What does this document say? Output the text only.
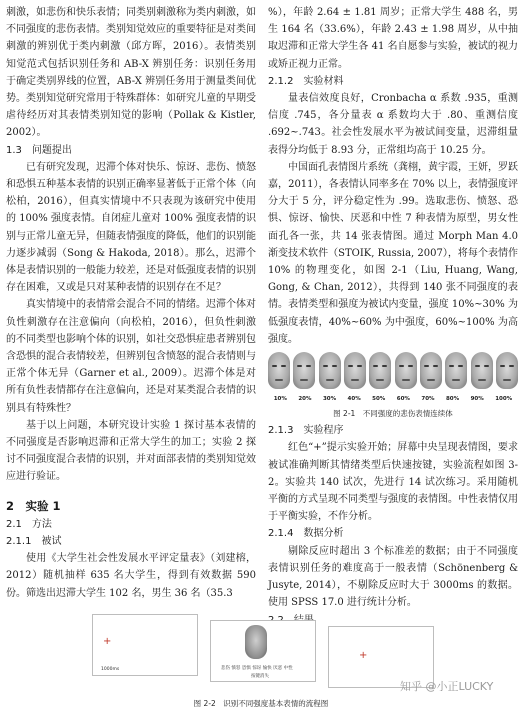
刺激，如悲伤和快乐表情；同类别刺激称为类内刺激，如不同强度的悲伤表情。类别知觉效应的重要特征是对类间刺激的辨别优于类内刺激（邱方晖，2016）。表情类别知觉范式包括识别任务和 AB-X 辨别任务：识别任务用于确定类别界线的位置，AB-X 辨别任务用于测量类间优势。类别知觉研究常用于特殊群体：如研究儿童的早期受虐待经历对其表情类别知觉的影响（Pollak & Kistler, 2002）。

1.3　问题提出

已有研究发现，迟滞个体对快乐、惊讶、悲伤、愤怒和恐惧五种基本表情的识别正确率显著低于正常个体（向松柏，2016），但真实情境中不只表现为该研究中使用的 100% 强度表情。自闭症儿童对 100% 强度表情的识别与正常儿童无异，但随表情强度的降低，他们的识别能力逐步减弱（Song & Hakoda, 2018）。那么，迟滞个体是表情识别的一般能力较差，还是对低强度表情的识别存在困难，又或是只对某种表情的识别存在不足？

真实情境中的表情常会混合不同的情绪。迟滞个体对负性刺激存在注意偏向（向松柏，2016），但负性刺激的不同类型也影响个体的识别，如社交恐惧症患者辨别包含恐惧的混合表情较差，但辨别包含愤怒的混合表情则与正常个体无异（Garner et al., 2009）。迟滞个体是对所有负性表情都存在注意偏向，还是对某类混合表情的识别具有特殊性？

基于以上问题，本研究设计实验 1 探讨基本表情的不同强度是否影响迟滞和正常大学生的加工；实验 2 探讨不同强度混合表情的识别，并对面部表情的类别知觉效应进行验证。

2　实验 1

2.1　方法

2.1.1　被试

使用《大学生社会性发展水平评定量表》（刘建榕，2012）随机抽样 635 名大学生，得到有效数据 590 份。筛选出迟滞大学生 102 名，男生 36 名（35.3

%），年龄 2.64 ± 1.81 周岁；正常大学生 488 名，男生 164 名（33.6%），年龄 2.43 ± 1.98 周岁，从中抽取迟滞和正常大学生各 41 名自愿参与实验，被试的视力或矫正视力正常。

2.1.2　实验材料

量表信效度良好，Cronbacha α 系数 .935，重测信度 .745，各分量表 α 系数均大于 .80、重测信度 .692~.743。社会性发展水平为被试间变量，迟滞组量表得分均低于 8.93 分，正常组均高于 10.25 分。

中国面孔表情图片系统（龚栩，黄宇霞，王妍，罗跃嘉，2011），各表情认同率多在 70% 以上，表情强度评分大于 5 分，评分稳定性为 .99。选取悲伤、愤怒、恐惧、惊讶、愉快、厌恶和中性 7 种表情为原型，男女性面孔各一张，共 14 张表情图。通过 Morph Man 4.0 渐变技术软件（STOIK, Russia, 2007），将每个表情作 10% 的物理变化，如图 2-1（Liu, Huang, Wang, Gong, & Chan, 2012），共得到 140 张不同强度的表情。表情类型和强度为被试内变量，强度 10%~30% 为低强度表情，40%~60% 为中强度，60%~100% 为高强度。

10% 20% 30% 40% 50% 60% 70% 80% 90% 100%
图 2-1　不同强度的悲伤表情连续体

2.1.3　实验程序

红色“+”提示实验开始；屏幕中央呈现表情图，要求被试准确判断其情绪类型后快速按键，实验流程如图 3-2。实验共 140 试次，先进行 14 试次练习。采用随机平衡的方式呈现不同类型与强度的表情图。中性表情仅用于平衡实验，不作分析。

2.1.4　数据分析

剔除反应时超出 3 个标准差的数据；由于不同强度表情识别任务的难度高于一般表情（Schönenberg & Jusyte, 2014），不剔除反应时大于 3000ms 的数据。使用 SPSS 17.0 进行统计分析。

+
1000ms	悲伤 愤怒 恐惧 惊讶 愉快 厌恶 中性
按键消失
+
图 2-2　识别不同强度基本表情的流程图
知乎 @小正LUCKY
